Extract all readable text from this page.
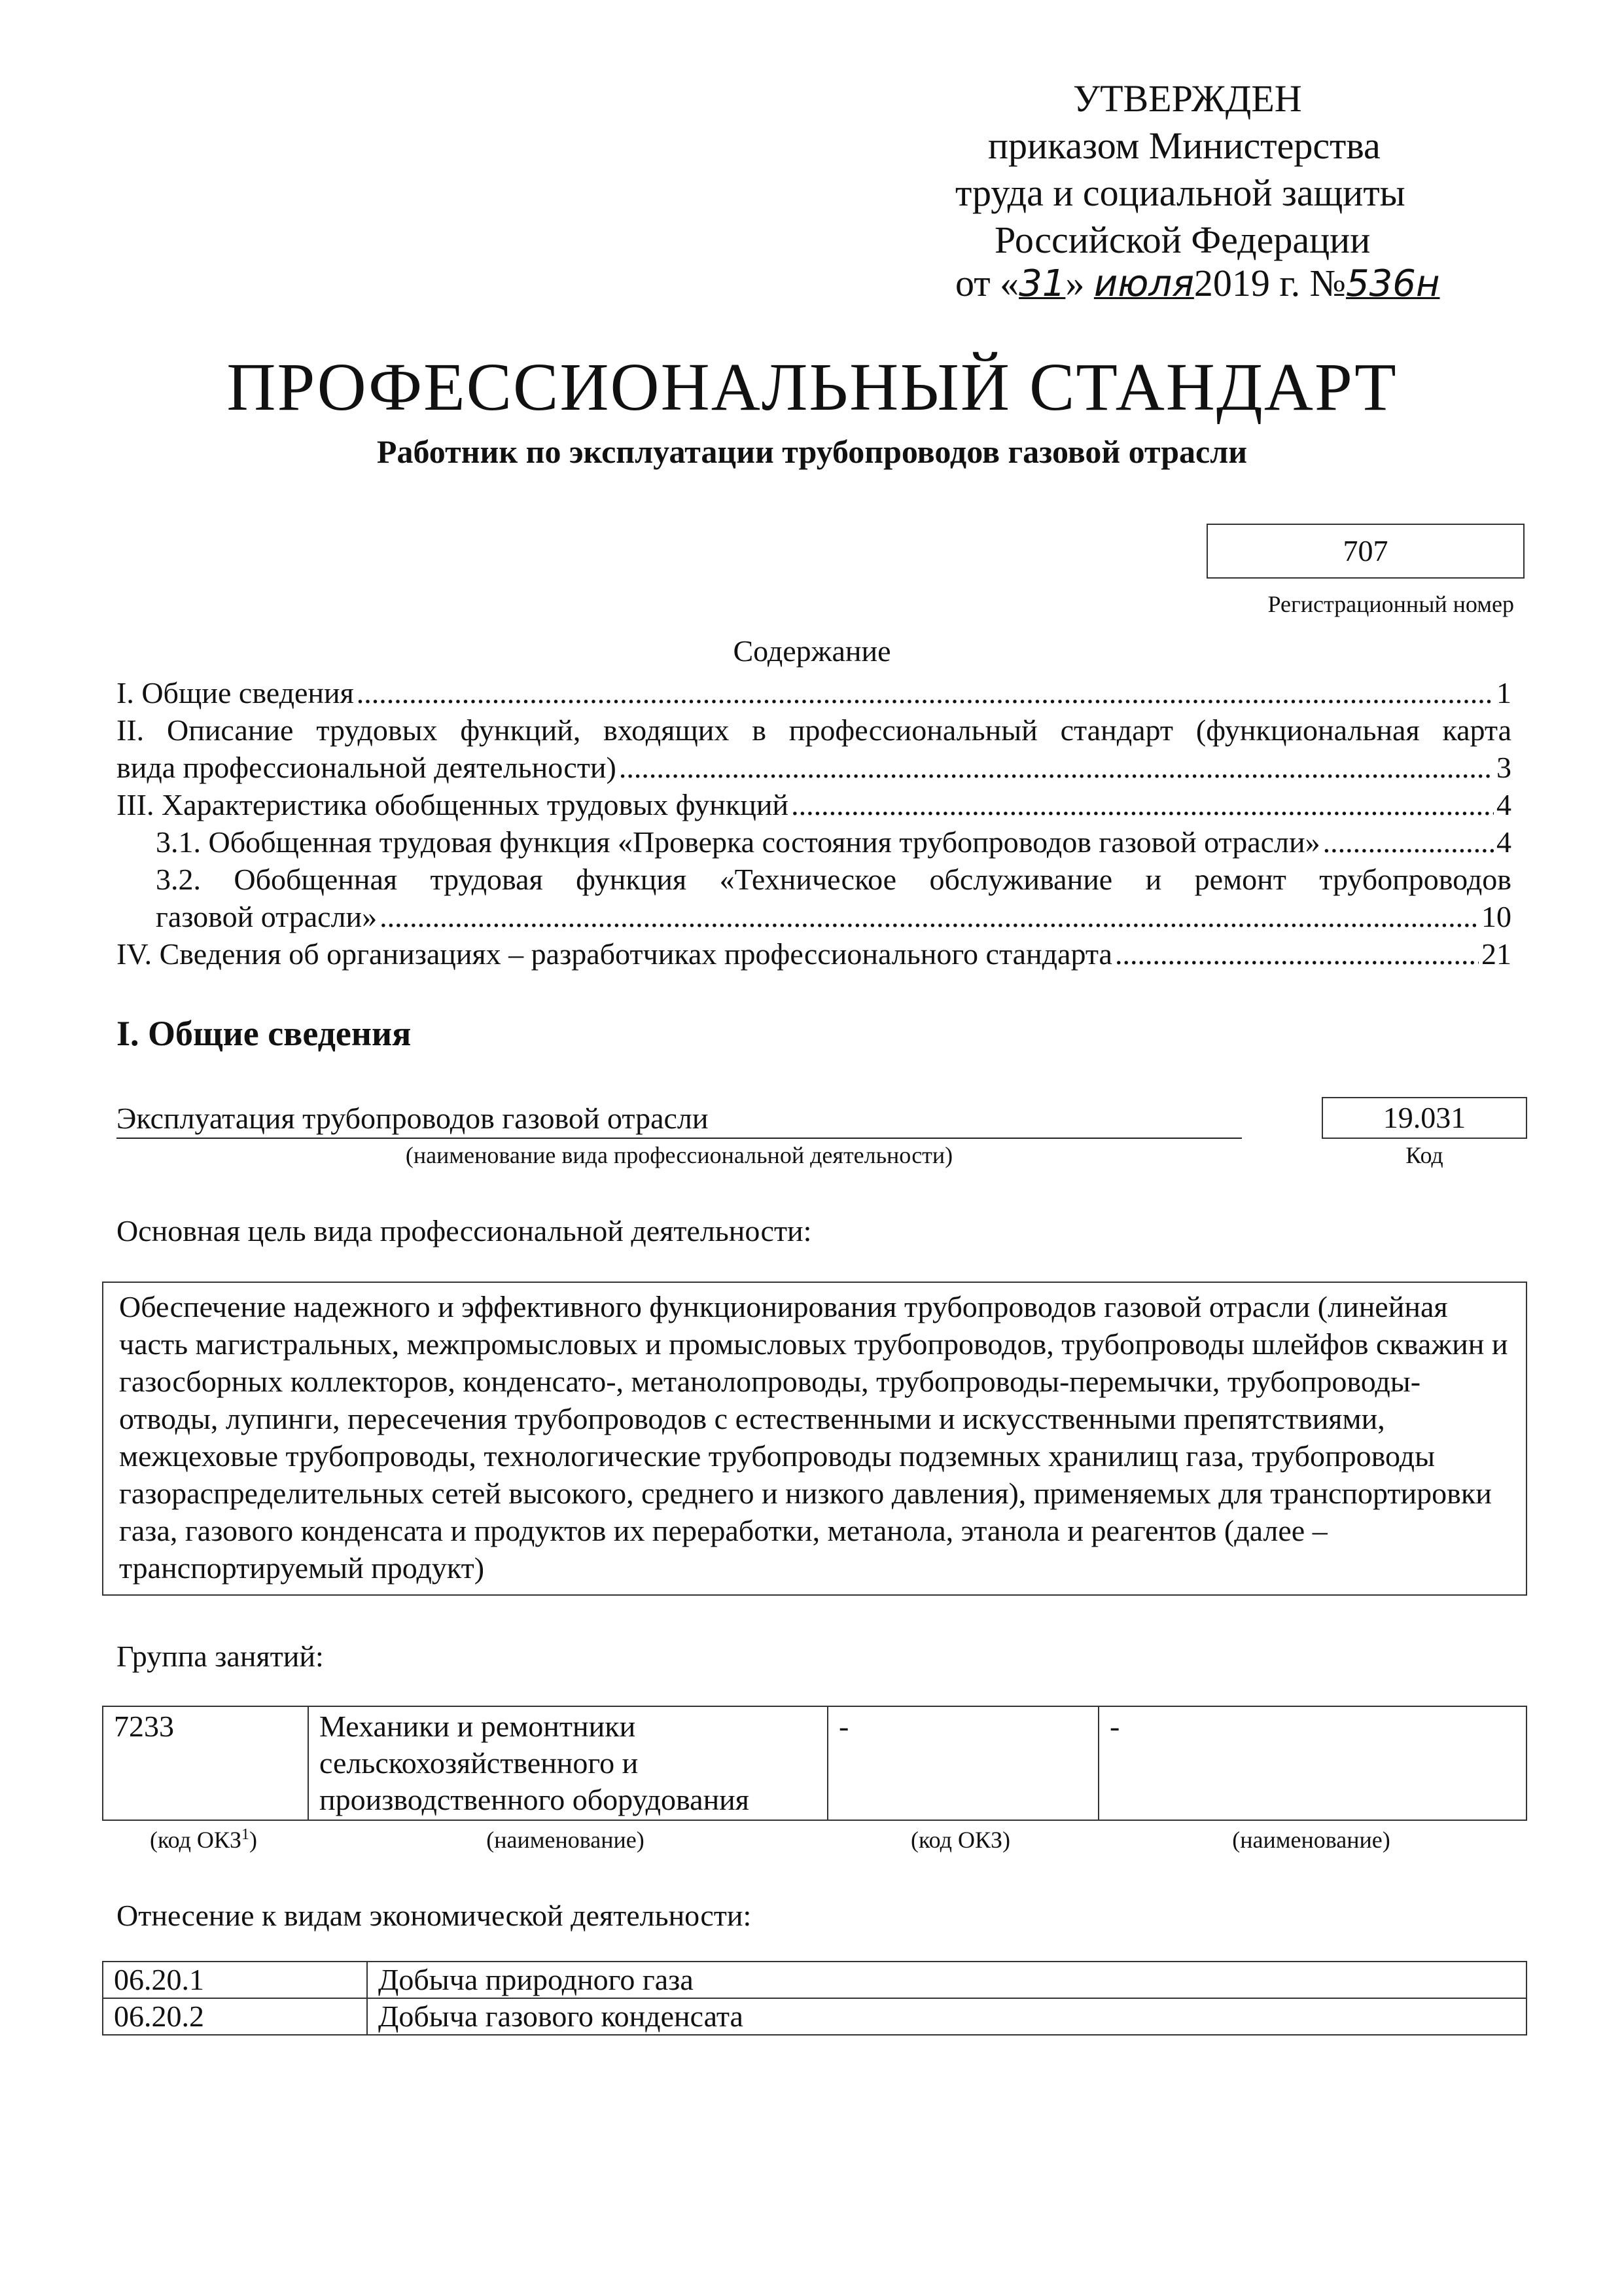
УТВЕРЖДЕН
приказом Министерства
труда и социальной защиты
Российской Федерации
от «31» июля2019 г. №536н
ПРОФЕССИОНАЛЬНЫЙ СТАНДАРТ
Работник по эксплуатации трубопроводов газовой отрасли
707
Регистрационный номер
Содержание
I. Общие сведения .....	1
II. Описание трудовых функций, входящих в профессиональный стандарт (функциональная карта
вида профессиональной деятельности) .....	3
III. Характеристика обобщенных трудовых функций .....	4
3.1. Обобщенная трудовая функция «Проверка состояния трубопроводов газовой отрасли» .....	4
3.2. Обобщенная трудовая функция «Техническое обслуживание и ремонт трубопроводов
газовой отрасли» .....	10
IV. Сведения об организациях – разработчиках профессионального стандарта .....	21
I. Общие сведения
Эксплуатация трубопроводов газовой отрасли
(наименование вида профессиональной деятельности)
19.031
Код
Основная цель вида профессиональной деятельности:
Обеспечение надежного и эффективного функционирования трубопроводов газовой отрасли (линейная часть магистральных, межпромысловых и промысловых трубопроводов, трубопроводы шлейфов скважин и газосборных коллекторов, конденсато-, метанолопроводы, трубопроводы-перемычки, трубопроводы-отводы, лупинги, пересечения трубопроводов с естественными и искусственными препятствиями, межцеховые трубопроводы, технологические трубопроводы подземных хранилищ газа, трубопроводы газораспределительных сетей высокого, среднего и низкого давления), применяемых для транспортировки газа, газового конденсата и продуктов их переработки, метанола, этанола и реагентов (далее – транспортируемый продукт)
Группа занятий:
7233	Механики и ремонтники сельскохозяйственного и производственного оборудования	-	-
(код ОКЗ$^1$)	(наименование)	(код ОКЗ)	(наименование)
Отнесение к видам экономической деятельности:
06.20.1	Добыча природного газа
06.20.2	Добыча газового конденсата
